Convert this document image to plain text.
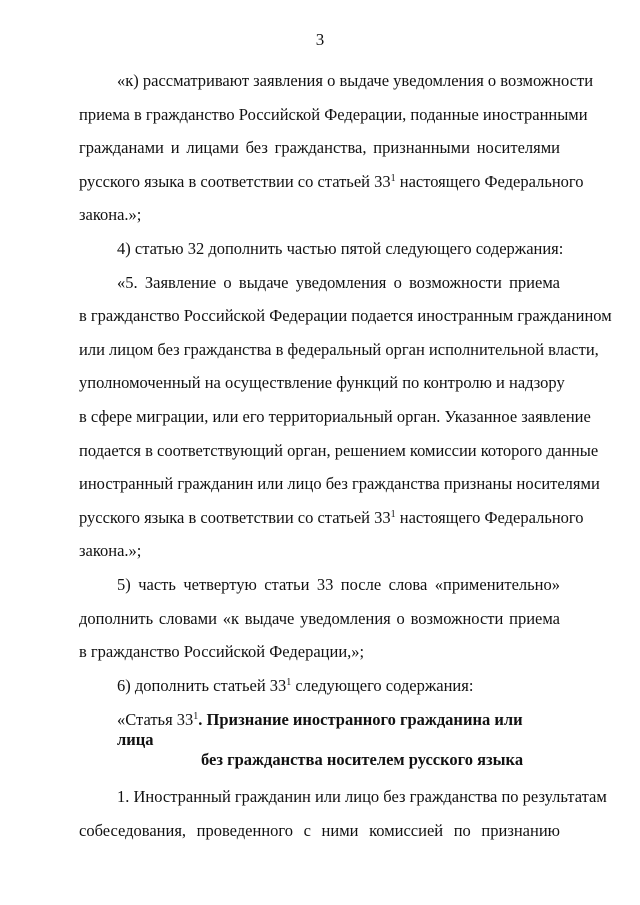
3
«к) рассматривают заявления о выдаче уведомления о возможности
приема в гражданство Российской Федерации, поданные иностранными
гражданами и лицами без гражданства, признанными носителями
русского языка в соответствии со статьей $33^1$ настоящего Федерального
закона.»;
4) статью 32 дополнить частью пятой следующего содержания:
«5. Заявление о выдаче уведомления о возможности приема
в гражданство Российской Федерации подается иностранным гражданином
или лицом без гражданства в федеральный орган исполнительной власти,
уполномоченный на осуществление функций по контролю и надзору
в сфере миграции, или его территориальный орган. Указанное заявление
подается в соответствующий орган, решением комиссии которого данные
иностранный гражданин или лицо без гражданства признаны носителями
русского языка в соответствии со статьей $33^1$ настоящего Федерального
закона.»;
5) часть четвертую статьи 33 после слова «применительно»
дополнить словами «к выдаче уведомления о возможности приема
в гражданство Российской Федерации,»;
6) дополнить статьей $33^1$ следующего содержания:
«Статья $33^1$. Признание иностранного гражданина или лица
без гражданства носителем русского языка
1. Иностранный гражданин или лицо без гражданства по результатам
собеседования, проведенного с ними комиссией по признанию
